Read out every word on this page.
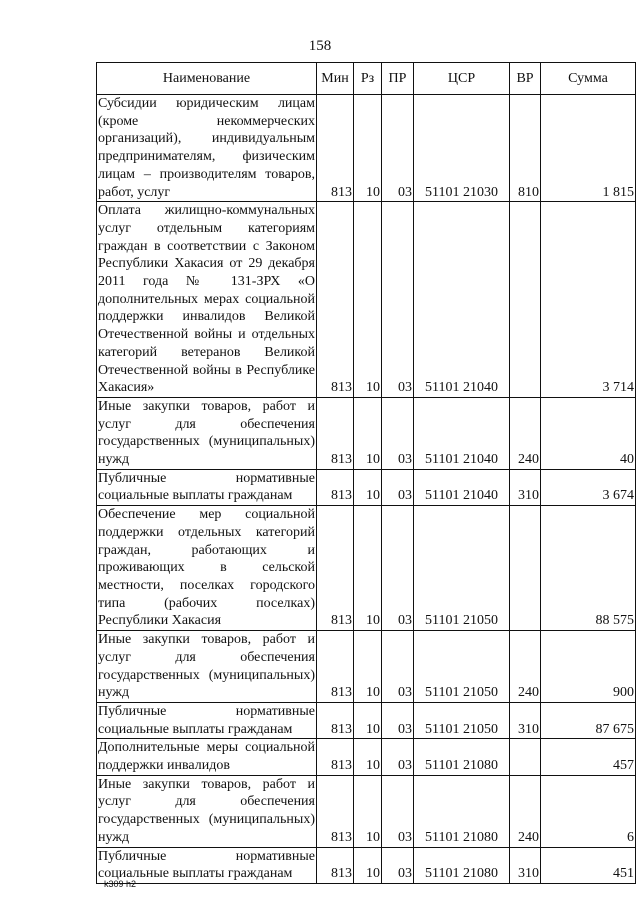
158
Наименование	Мин	Рз	ПР	ЦСР	ВР	Сумма
Субсидии юридическим лицам (кроме некоммерческих организаций), индивидуальным предпринимателям, физическим лицам – производителям товаров, работ, услуг	813	10	03	51101 21030	810	1 815
Оплата жилищно-коммунальных услуг отдельным категориям граждан в соответствии с Законом Республики Хакасия от 29 декабря 2011 года № 131-ЗРХ «О дополнительных мерах социальной поддержки инвалидов Великой Отечественной войны и отдельных категорий ветеранов Великой Отечественной войны в Республике Хакасия»	813	10	03	51101 21040		3 714
Иные закупки товаров, работ и услуг для обеспечения государственных (муниципальных) нужд	813	10	03	51101 21040	240	40
Публичные нормативные социальные выплаты гражданам	813	10	03	51101 21040	310	3 674
Обеспечение мер социальной поддержки отдельных категорий граждан, работающих и проживающих в сельской местности, поселках городского типа (рабочих поселках) Республики Хакасия	813	10	03	51101 21050		88 575
Иные закупки товаров, работ и услуг для обеспечения государственных (муниципальных) нужд	813	10	03	51101 21050	240	900
Публичные нормативные социальные выплаты гражданам	813	10	03	51101 21050	310	87 675
Дополнительные меры социальной поддержки инвалидов	813	10	03	51101 21080		457
Иные закупки товаров, работ и услуг для обеспечения государственных (муниципальных) нужд	813	10	03	51101 21080	240	6
Публичные нормативные социальные выплаты гражданам	813	10	03	51101 21080	310	451
k309 h2
